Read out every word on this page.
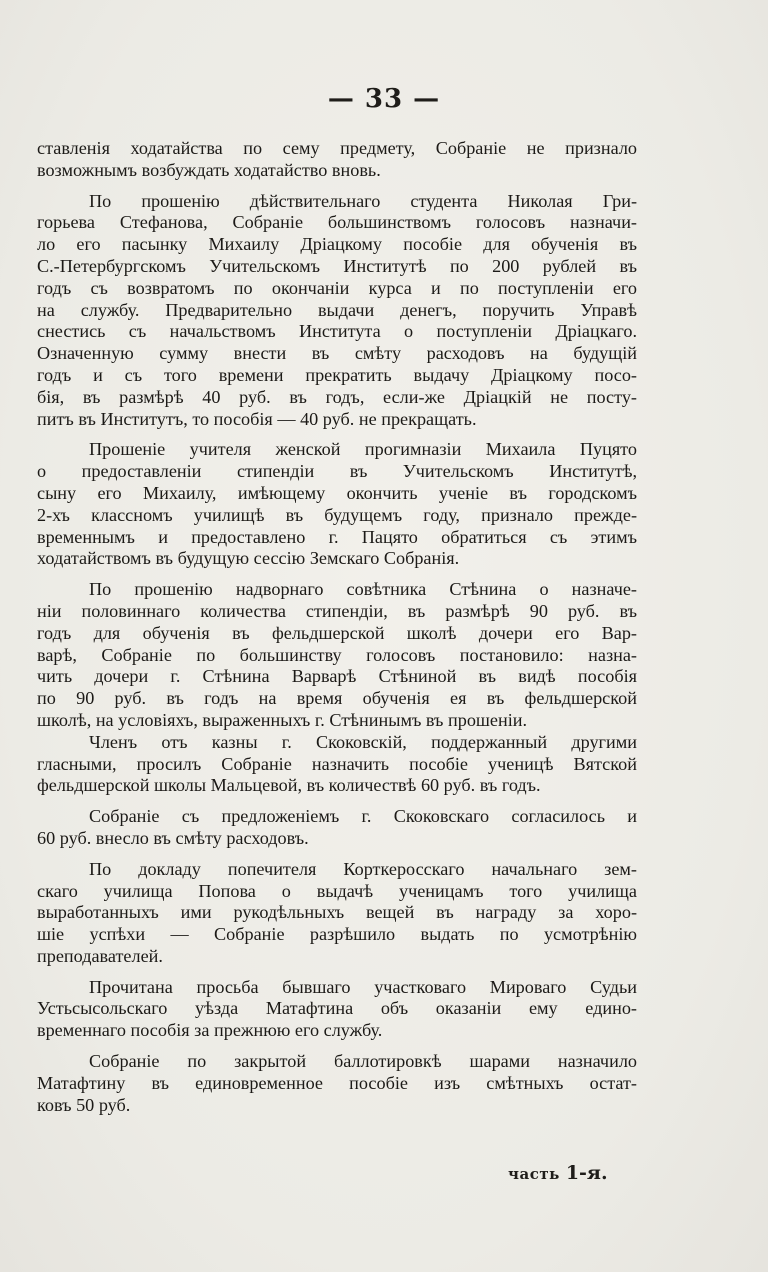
— 33 —
ставленія ходатайства по сему предмету, Собраніе не признало
возможнымъ возбуждать ходатайство вновь.
По прошенію дѣйствительнаго студента Николая Гри-
горьева Стефанова, Собраніе большинствомъ голосовъ назначи-
ло его пасынку Михаилу Дріацкому пособіе для обученія въ
С.-Петербургскомъ Учительскомъ Институтѣ по 200 рублей въ
годъ съ возвратомъ по окончаніи курса и по поступленіи его
на службу. Предварительно выдачи денегъ, поручить Управѣ
снестись съ начальствомъ Института о поступленіи Дріацкаго.
Означенную сумму внести въ смѣту расходовъ на будущій
годъ и съ того времени прекратить выдачу Дріацкому посо-
бія, въ размѣрѣ 40 руб. въ годъ, если-же Дріацкій не посту-
питъ въ Институтъ, то пособія — 40 руб. не прекращать.
Прошеніе учителя женской прогимназіи Михаила Пуцято
о предоставленіи стипендіи въ Учительскомъ Институтѣ,
сыну его Михаилу, имѣющему окончить ученіе въ городскомъ
2-хъ классномъ училищѣ въ будущемъ году, признало прежде-
временнымъ и предоставлено г. Пацято обратиться съ этимъ
ходатайствомъ въ будущую сессію Земскаго Собранія.
По прошенію надворнаго совѣтника Стѣнина о назначе-
ніи половиннаго количества стипендіи, въ размѣрѣ 90 руб. въ
годъ для обученія въ фельдшерской школѣ дочери его Вар-
варѣ, Собраніе по большинству голосовъ постановило: назна-
чить дочери г. Стѣнина Варварѣ Стѣниной въ видѣ пособія
по 90 руб. въ годъ на время обученія ея въ фельдшерской
школѣ, на условіяхъ, выраженныхъ г. Стѣнинымъ въ прошеніи.
Членъ отъ казны г. Скоковскій, поддержанный другими
гласными, просилъ Собраніе назначить пособіе ученицѣ Вятской
фельдшерской школы Мальцевой, въ количествѣ 60 руб. въ годъ.
Собраніе съ предложеніемъ г. Скоковскаго согласилось и
60 руб. внесло въ смѣту расходовъ.
По докладу попечителя Корткеросскаго начальнаго зем-
скаго училища Попова о выдачѣ ученицамъ того училища
выработанныхъ ими рукодѣльныхъ вещей въ награду за хоро-
шіе успѣхи — Собраніе разрѣшило выдать по усмотрѣнію
преподавателей.
Прочитана просьба бывшаго участковаго Мироваго Судьи
Устьсысольскаго уѣзда Матафтина объ оказаніи ему едино-
временнаго пособія за прежнюю его службу.
Собраніе по закрытой баллотировкѣ шарами назначило
Матафтину въ единовременное пособіе изъ смѣтныхъ остат-
ковъ 50 руб.
часть 1-я.
